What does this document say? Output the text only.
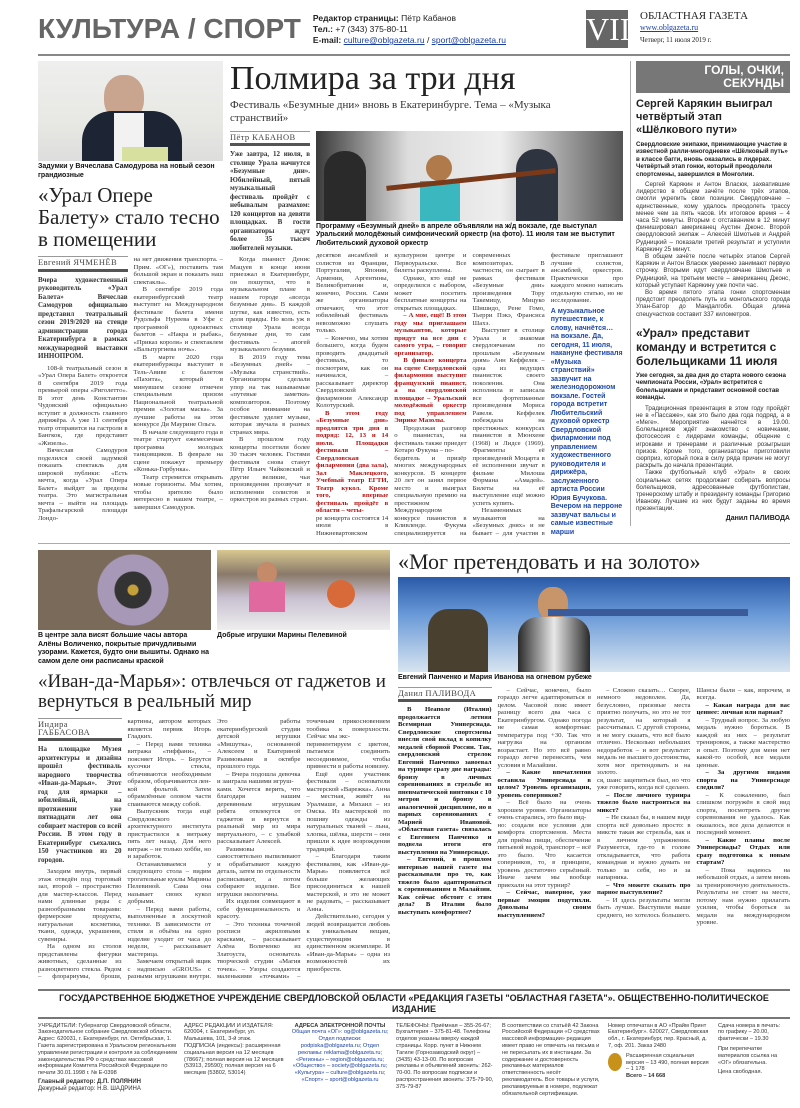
КУЛЬТУРА / СПОРТ Редактор страницы: Пётр Кабанов
Тел.: +7 (343) 375-80-11
E-mail: culture@oblgazeta.ru / sport@oblgazeta.ru	VIII
ОБЛАСТНАЯ ГАЗЕТА
www.oblgazeta.ru
Четверг, 11 июля 2019 г.
Задумки у Вячеслава Самодурова на новый сезон грандиозные
«Урал Опере Балету» стало тесно в помещении
Евгений ЯЧМЕНЁВ
Вчера художественный руководитель «Урал Балета» Вячеслав Самодуров официально представил театральный сезон 2019/2020 на стенде администрации города Екатеринбурга в рамках международной выставки ИННОПРОМ.

108-й театральный сезон в «Урал Опера Балет» откроется 8 сентября 2019 года премьерой оперы «Риголетто». В этот день Константин Чудовский официально вступит в должность главного дирижёра. А уже 11 сентября театр отправится на гастроли в Бангкок, где представит «Жизель».

Вячеслав Самодуров поделился своей задумкой показать спектакль для широкой публики: «Есть мечта, когда «Урал Опера Балет» выйдет за пределы театра. Это магистральная мечта – выйти на площадь Трафальгарской площади Лондо-

на нет движения транспорта. – Прим. «ОГ»), поставить там большой экран и показать наш спектакль».

В сентябре 2019 года екатеринбургский театр выступит на Международном фестивале балета имени Рудольфа Нуреева в Уфе с программой одноактных балетов – «Накра и рыбак», «Приказ короля» и спектаклем «Вальпургиева ночь».

В марте 2020 года екатеринбуржцы выступят в Тель-Авиве с балетом «Пахита», который в минувшем сезоне отмечен специальным призом Национальной театральной премии «Золотая маска». За лучшие работы на этом конкурсе Ди Маурине Ольга.

В начале следующего года в театре стартует ежемесячная программа молодых танцовщиков. В феврале на сцене покажут премьеру «Конька-Горбунка».

Театр стремится открывать новые горизонты. Мы хотим, чтобы зрителю было интересно в нашем театре, – завершил Самодуров.

Полмира за три дня
Фестиваль «Безумные дни» вновь в Екатеринбурге. Тема – «Музыка странствий»
Пётр КАБАНОВ
Уже завтра, 12 июля, в столице Урала начнутся «Безумные дни». Юбилейный, пятый музыкальный фестиваль пройдёт с небывалым размахом: 120 концертов на девяти площадках. В гости организаторы ждут более 35 тысяч любителей музыки.

Когда пианист Денис Мацуев в конце июня приезжал в Екатеринбург, он пошутил, что в музыкальном плане в нашем городе «всегда безумные дни». В каждой шутке, как известно, есть доля правды. Но коль уж в столице Урала всегда безумные дни, то сам фестиваль – апогей музыкального безумия.

В 2019 году тема «Безумных дней» – «Музыка странствий». Организаторы сделали упор на так называемые «путевые заметки» композиторов. Поэтому особое внимание на фестивале уделят музыке, которая звучала в разных странах мира.

В прошлом году концерты посетили более 30 тысяч человек. Гостями фестиваля снова станут Пётр Ильич Чайковский и другие великие, чьи произведения прозвучат в исполнении солистов и оркестров из разных стран.

Программу «Безумный дней» в апреле объявляли на ж/д вокзале, где выступал Уральский молодёжный симфонический оркестр (на фото). 11 июля там же выступит Любительский духовой оркестр

десятков ансамблей и солистов из Франции, Португалии, Японии, Армении, Аргентины, Великобритании и, конечно, России. Сами же организаторы отмечают, что этот юбилейный фестиваль невозможно слушать только.

– Конечно, мы хотим большего, когда будем проводить двадцатый фестиваль, то посмотрим, как он начинался, – рассказывает директор Свердловской филармонии Александр Колотурский.

В этом году «Безумные дни» продлятся три дня в подряд: 12, 13 и 14 июля. Площадки фестиваля – Свердловская филармония (два зала), Зал Маклецкого, Учебный театр ЕГТИ, Театр кукол. Кроме того, впервые фестиваль пройдёт в области – четы-

ре концерта состоятся 14 июля в Нижневартовском культурном центре и Первоуральске. Все билеты раскуплены.

Однако, кто ещё не определился с выбором, может посетить бесплатные концерты на открытых площадках.

– А мне, ещё! В этом году мы приглашаем музыкантов, которые придут на все дни с самого утра, – говорит организатор.

В финале концерта на сцене Свердловской филармонии выступит французский пианист, а на свердловской площадке – Уральский молодёжный оркестр под управлением Энрике Мазолы.

Продолжая разговор о пианистах, на фестиваль также приедет Котаро Фукума – по-

бедитель и призёр многих международных конкурсов. В концерте 20 лет он занял первое место и выиграл специальную премию на престижном Международном конкурсе пианистов в Кливленде. Фукума специализируется на современных композиторах. В частности, он сыграет в рамках фестиваля «Безумные дни» произведения Тору Такемицу, Мицуко Шишидо, Рене Гомо, Тьерри Пэкэ, Франсиса Шахэ.

Выступит в столице Урала и знакомая свердловчанам по прошлым «Безумным дням» Анн Кеффелек – одна из ведущих пианисток своего поколения. Она исполнила и записала все фортепианные произведения Мориса Равеля. Кеффелек побеждала на престижных конкурсах пианистов в Мюнхене (1968) и Лидсе (1969). Фрагменты её произведений Моцарта в её исполнении звучат в фильме Милоша Формана «Амадей». Билеты на её выступление ещё можно успеть купить.

Незаменимых музыкантов на «Безумных днях» и не бывает – для участия в фестивале приглашают лучшие солистов, ансамблей, оркестров. Практически про каждого можно написать отдельную статью, но не исследование.

А музыкальное путешествие, к слову, начнётся… на вокзале. Да, сегодня, 11 июля, накануне фестиваля «Музыка странствий» зазвучит на железнодорожном вокзале. Гостей города встретит Любительский духовой оркестр Свердловской филармонии под управлением художественного руководителя и дирижёра, заслуженного артиста России Юрия Бучукова. Вечером на перроне зазвучат вальсы и самые известные марши
ГОЛЫ, ОЧКИ, СЕКУНДЫ
Сергей Карякин выиграл четвёртый этап «Шёлкового пути»
Свердловские экипажи, принимающие участие в известной ралли-многодневке «Шёлковый путь» в классе багги, вновь оказались в лидерах. Четвёртый этап гонки, который преодолели спортсмены, завершился в Монголии.

Сергей Карякин и Антон Власюк, захватившие лидерство в общем зачёте после трёх этапов, смогли укрепить свои позиции. Свердловчане – единственные, кому удалось преодолеть трассу менее чем за пять часов. Их итоговое время – 4 часа 52 минуты. Вторым с отставанием в 12 минут финишировал американец Аустин Джонс. Второй свердловский экипаж – Алексей Шмотьев и Андрей Рудницкий – показали третий результат и уступили Карякину 25 минут.

В общем зачёте после четырёх этапов Сергей Карякин и Антон Власюк уверенно занимают первую строчку. Вторыми идут свердловчане Шмотьев и Рудницкий, на третьем месте – американец Джонс, который уступает Карякину уже почти час.

Во время пятого этапа гонки спортсменам предстоит преодолеть путь из монгольского города Улан-Батор до Мандалгоби. Общая длина спецучастков составит 337 километров.

«Урал» представит команду и встретится с болельщиками 11 июля
Уже сегодня, за два дня до старта нового сезона чемпионата России, «Урал» встретится с болельщиками и представит основной состав команды.

Традиционная презентация в этом году пройдёт не в «Пассаже», как это было два года подряд, а в «Меге». Мероприятие начнётся в 19.00. Болельщиков ждёт знакомство с новичками, фотосессия с лидерами команды, общение с игроками и тренерами и различные розыгрыши призов. Кроме того, организаторы приготовили сюрприз, который пока в силу ряда причин не могут раскрыть до начала презентации.

Также футбольный клуб «Урал» в своих социальных сетях продолжает собирать вопросы болельщиков, адресованные футболистам, тренерскому штабу и президенту команды Григорию Иванову. Лучшие из них будут заданы во время презентации.

Данил ПАЛИВОДА
В центре зала висят большие часы автора Алёны Воличенко, покрытые причудливыми узорами. Кажется, будто они вышиты. Однако на самом деле они расписаны краской
Добрые игрушки Марины Пелевиной
«Иван-да-Марья»: отвлечься от гаджетов и вернуться в реальный мир
Индира ГАББАСОВА
На площадке Музея архитектуры и дизайна прошёл фестиваль народного творчества «Иван-да-Марья». Этот год для ярмарки – юбилейный, на протяжении уже пятнадцати лет она собирает мастеров со всей России. В этом году в Екатеринбург съехались 150 участников из 20 городов.

Заходим внутрь, первый этаж отведён под торговый зал, второй – пространство для мастер-классов. Перед нами длинные ряды с разнообразными товарами: фермерские продукты, натуральная косметика, ткани, одежда, украшения, сувениры.

На одном из столов представлены фигурки животных, сделанные из разноцветного стекла. Рядом – флорариумы, броши, картины, автором которых является первик Игорь Гладких.

– Перед вами техника витража «тиффани», – поясняет Игорь. – Берутся кусочки стекла, обтачиваются необходимым образом, оборачиваются лен-

кой фольгой. Затем обрамлённые оловом части спаиваются между собой.

Выпускник тогда ещё Свердловского архитектурного института пристрастился к витражу пять лет назад. Для него витраж – не только хобби, но и заработок.

Останавливаемся у следующего стола – видим трогательные куклы Марины Пелевиной. Сама она называет своих кукол добрыми.

– Перед вами работы, выполненные в лоскутной технике. В зависимости от стиля и объёма на одно изделие уходит от часа до недели, – рассказывает мастерица.

Замечаем открытый ящик с надписью «GROUS» с разными игрушками внутри. Это работы екатеринбургской студии детской игрушки «Мишутка», основанной Алексеем и Екатериной Разимовыми в октябре прошлого года.

– Вчера подошла девочка и заиграла нашими игруш-

ками. Хочется верить, что благодаря нашим деревянным игрушкам ребята отвлекутся от гаджетов и вернутся в реальный мир из мира виртуального, – с улыбкой рассказывает Алексей.

Разимовы самостоятельно выпиливают и обрабатывают каждую деталь, затем по отдельности расписывают, а потом собирают изделие. Все игрушки экологичны.

Их изделия совмещают в себе функциональность и красоту.

– Это техника точечной росписи акриловыми красками, – рассказывает Алёна Воличенко из Златоуста, основатель творческой студии «Магия точек». – Узоры создаются маленькими «точками» – точечным прикосновением тообика к поверхности. Сейчас мы экс-

периментируем с цветом, пытаемся соединить несоединимое, чтобы привнести в работы новизну.

Ещё один участник фестиваля – основатели мастерской «Варежка». Анна – местная, живёт на Уралмаше, а Михаил – из Омска. Из мастерской по пошиву одежды из натуральных тканей – льна, хлопка, шёлка, шерсти – они пришли к идее возрождения традиций.

– Благодаря таким фестивалям, как «Иван-да-Марья» появляется всё больше желающих присоединиться к нашей мастерской, и это не может не радовать, – рассказывает Анна.

Действительно, сегодня у людей возвращается любовь к уникальным вещам, существующим в единственном экземпляре. И «Иван-да-Марья» – одна из возможностей их приобрести.

«Мог претендовать и на золото»
Евгений Панченко и Мария Иванова на огневом рубеже
Данил ПАЛИВОДА

В Неаполе (Италия) продолжается летняя Всемирная Универсиада. Свердловские спортсмены внесли свой вклад в копилку медалей сборной России. Так, свердловский стрелок Евгений Панченко завоевал на турнире сразу две награды: бронзу в личных соревнованиях в стрельбе из пневматической винтовки с 10 метров и бронзу в аналогичной дисциплине, но в парных соревнованиях с Марией Ивановой. «Областная газета» связалась с Евгением Панченко и подвела итоги его выступления на Универсиаде.

– Евгений, в прошлом интервью нашей газете вы рассказывали про то, как тяжело было адаптироваться к соревнованиям в Малайзии. Как сейчас обстоят с этим дела? В Италии было выступать комфортнее?

– Сейчас, конечно, было гораздо легче адаптироваться в целом. Часовой пояс имеет разницу всего два часа с Екатеринбургом. Однако погода не самая комфортная: температура под +30. Так что нагрузка на организм возрастает. Но это всё равно гораздо легче перенесить, чем условия в Малайзии.

– Какие впечатления оставила Универсиада в целом? Уровень организации, уровень соперников?

– Всё было на очень хорошем уровне. Организаторы очень старались, это было вид-

но: создали все условия для комфорта спортсменов. Места для приёма пищи, обеспечение питьевой водой, транспорт – всё это было. Что касается соперников, то, в принципе, уровень достаточно серьёзный. Иначе зачем мы вообще приехали на этот турнир?

– Сейчас, наверное, уже первые эмоции подутихли. Довольны своим выступлением?

– Сложно сказать… Скорее, немного недоволен. Да, безусловно, призовые места приятно получать, но это не тот результат, на который я рассчитывал. С другой стороны, я не могу сказать, что всё было отлично. Несколько небольших недоработок – и вот результат: медаль не высшего достоинства, хотя мог претендовать и на золото.

ся, шанс зацепиться был, но что уже говорить, когда всё сделано.

– После личного турнира тяжело было настроиться на микст?

– Не сказал бы, в нашем виде спорта всё довольно просто: в миксте такая же стрельба, как и в личном упражнении. Разумеется, где-то в голове откладывается, что работа командная и нужно думать не только за себя, но и за напарника.

– Что можете сказать про парное выступление?

– И здесь результаты могли быть лучше. Выступили выше среднего, но хотелось большего. Шансы были – как, впрочем, и всегда.

– Какая награда для вас ценнее: личная или парная?

– Трудный вопрос. За любую медаль нужно бороться. В каждой из них – результат тренировок, а также мастерство и опыт. Поэтому для меня нет какой-то особой, все медали ценные.

– За другими видами спорта на Универсиаде следили?

– К сожалению, был слишком погружён в свой вид спорта, посмотреть другие соревнования не удалось. Как оказалось, все дела делаются в последний момент.

– Какие планы после Универсиады? Отдых или сразу подготовка к новым стартам?

– Пока надеюсь на небольшой отдых, а затем вновь за тренировочную деятельность. Результаты не стоят на месте, потому нам нужно прилагать усилия, чтобы бороться за медали на международном уровне.

ГОСУДАРСТВЕННОЕ БЮДЖЕТНОЕ УЧРЕЖДЕНИЕ СВЕРДЛОВСКОЙ ОБЛАСТИ «РЕДАКЦИЯ ГАЗЕТЫ "ОБЛАСТНАЯ ГАЗЕТА"». ОБЩЕСТВЕННО-ПОЛИТИЧЕСКОЕ ИЗДАНИЕ
УЧРЕДИТЕЛИ: Губернатор Свердловской области, Законодательное собрание Свердловской области. Адрес: 620031, г. Екатеринбург, пл. Октябрьская, 1. Газета зарегистрирована в Уральском региональном управлении регистрации и контроля за соблюдением законодательства РФ о средствах массовой информации Комитета Российской Федерации по печати 30.01.1998 г. № Е-0398
Главный редактор: Д.П. ПОЛЯНИН
Дежурный редактор: Н.В. ШАДРИНА
АДРЕС РЕДАКЦИИ И ИЗДАТЕЛЯ: 620004, г. Екатеринбург, ул. Малышева, 101, 3-й этаж. ПОДПИСКА (индексы): расширенная социальная версия на 12 месяцев (78667); полная версия на 12 месяцев (53913, 29590); полная версия на 6 месяцев (53802, 53014)
АДРЕСА ЭЛЕКТРОННОЙ ПОЧТЫ
Общая почта «ОГ»: og@oblgazeta.ru; Отдел подписки: podpiska@oblgazeta.ru; Отдел рекламы: reklama@oblgazeta.ru; «Регионы» – region@oblgazeta.ru; «Общество» – society@oblgazeta.ru; «Культура» – culture@oblgazeta.ru; «Спорт» – sport@oblgazeta.ru
ТЕЛЕФОНЫ: Приёмная – 355-26-67; Бухгалтерия – 375-81-48. Телефоны отделов указаны вверху каждой страницы. Корр. пункт в Нижнем Тагиле (Горнозаводский округ) – (3435) 43-13-00. По вопросам рекламы и объявлений звонить: 262-70-00. По вопросам подписки и распространения звонить: 375-79-90, 375-79-87
В соответствии со статьёй 42 Закона Российской Федерации «О средствах массовой информации» редакция имеет право не отвечать на письма и не пересылать их в инстанции. За содержание и достоверность рекламных материалов ответственность несёт рекламодатель. Все товары и услуги, рекламируемые в номере, подлежат обязательной сертификации.
Номер отпечатан в АО «Прайм Принт Екатеринбург». 620027, Свердловская обл., г. Екатеринбург, пер. Красный, д. 7, оф. 201. Заказ 2480
Расширенная социальная версия – 13 490, полная версия – 1 178
Всего – 14 668
Сдача номера в печать: по графику – 20.00, фактически – 19.30
При перепечатке материалов ссылка на «ОГ» обязательна.
Цена свободная.
